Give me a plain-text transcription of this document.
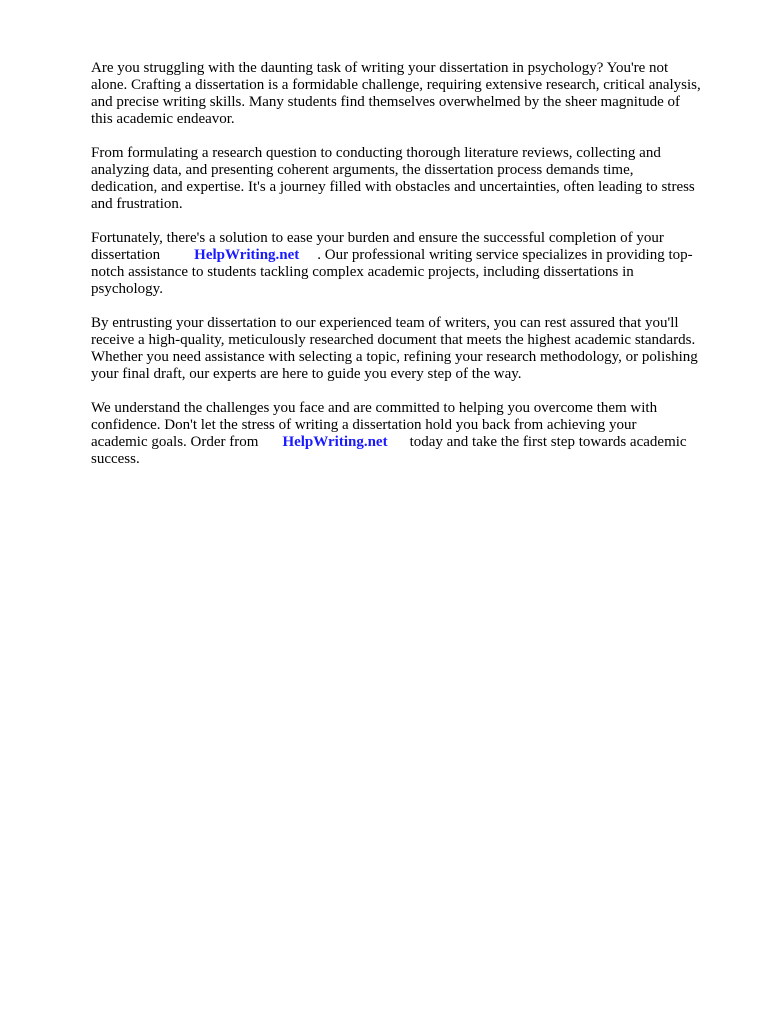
Are you struggling with the daunting task of writing your dissertation in psychology? You're not
alone. Crafting a dissertation is a formidable challenge, requiring extensive research, critical analysis,
and precise writing skills. Many students find themselves overwhelmed by the sheer magnitude of
this academic endeavor.

From formulating a research question to conducting thorough literature reviews, collecting and
analyzing data, and presenting coherent arguments, the dissertation process demands time,
dedication, and expertise. It's a journey filled with obstacles and uncertainties, often leading to stress
and frustration.

Fortunately, there's a solution to ease your burden and ensure the successful completion of your
dissertation HelpWriting.net . Our professional writing service specializes in providing top-
notch assistance to students tackling complex academic projects, including dissertations in
psychology.

By entrusting your dissertation to our experienced team of writers, you can rest assured that you'll
receive a high-quality, meticulously researched document that meets the highest academic standards.
Whether you need assistance with selecting a topic, refining your research methodology, or polishing
your final draft, our experts are here to guide you every step of the way.

We understand the challenges you face and are committed to helping you overcome them with
confidence. Don't let the stress of writing a dissertation hold you back from achieving your
academic goals. Order from HelpWriting.net today and take the first step towards academic
success.
